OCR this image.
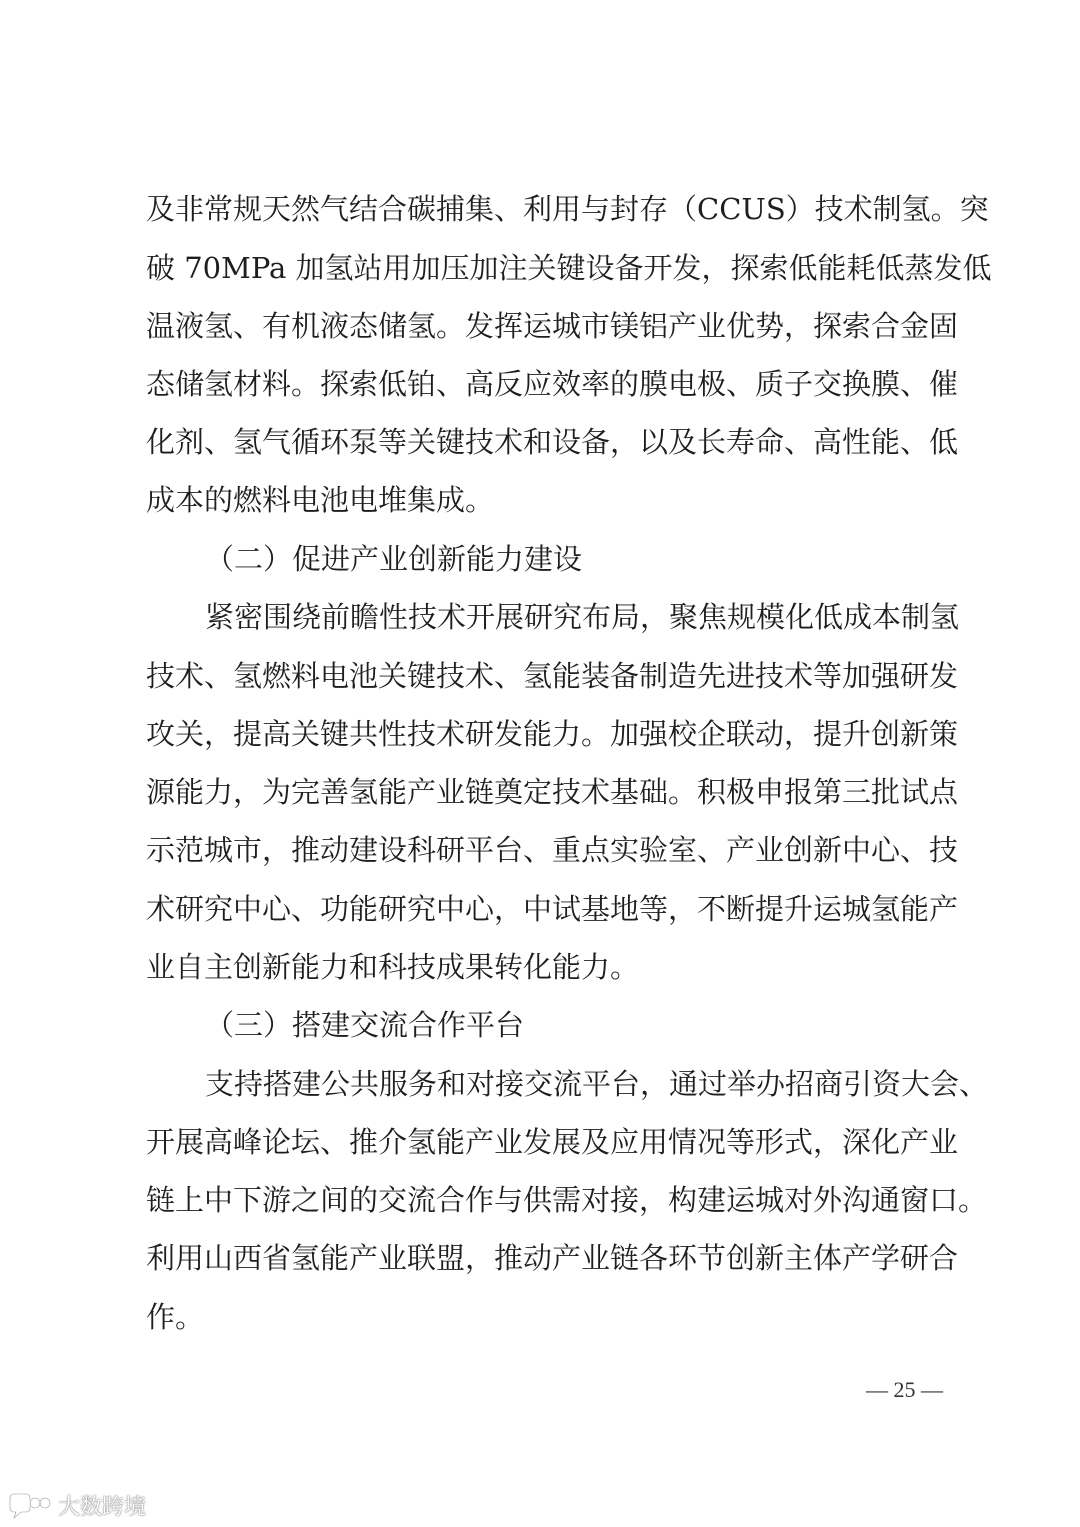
及非常规天然气结合碳捕集、利用与封存（CCUS）技术制氢。突
破 70MPa 加氢站用加压加注关键设备开发，探索低能耗低蒸发低
温液氢、有机液态储氢。发挥运城市镁铝产业优势，探索合金固
态储氢材料。探索低铂、高反应效率的膜电极、质子交换膜、催
化剂、氢气循环泵等关键技术和设备，以及长寿命、高性能、低
成本的燃料电池电堆集成。
（二）促进产业创新能力建设
紧密围绕前瞻性技术开展研究布局，聚焦规模化低成本制氢
技术、氢燃料电池关键技术、氢能装备制造先进技术等加强研发
攻关，提高关键共性技术研发能力。加强校企联动，提升创新策
源能力，为完善氢能产业链奠定技术基础。积极申报第三批试点
示范城市，推动建设科研平台、重点实验室、产业创新中心、技
术研究中心、功能研究中心，中试基地等，不断提升运城氢能产
业自主创新能力和科技成果转化能力。
（三）搭建交流合作平台
支持搭建公共服务和对接交流平台，通过举办招商引资大会、
开展高峰论坛、推介氢能产业发展及应用情况等形式，深化产业
链上中下游之间的交流合作与供需对接，构建运城对外沟通窗口。
利用山西省氢能产业联盟，推动产业链各环节创新主体产学研合
作。
— 25 —
大数跨境
